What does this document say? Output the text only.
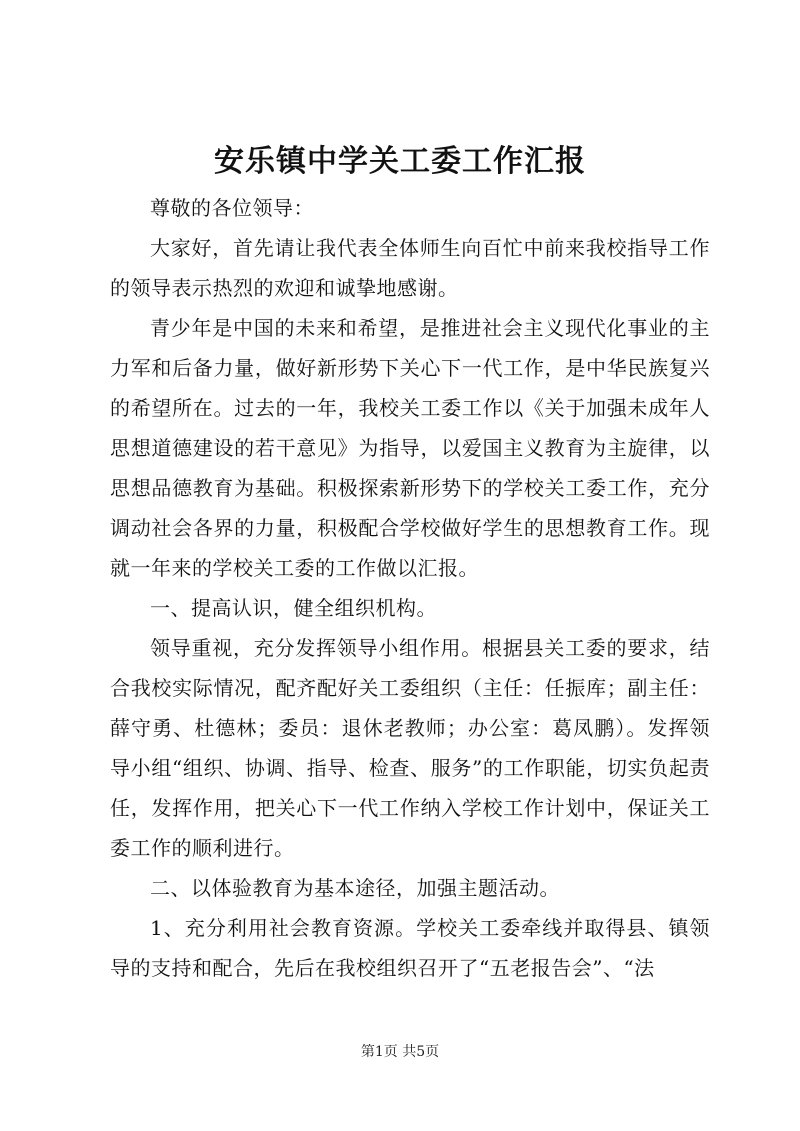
安乐镇中学关工委工作汇报

尊敬的各位领导：

大家好，首先请让我代表全体师生向百忙中前来我校指导工作的领导表示热烈的欢迎和诚挚地感谢。

青少年是中国的未来和希望，是推进社会主义现代化事业的主力军和后备力量，做好新形势下关心下一代工作，是中华民族复兴的希望所在。过去的一年，我校关工委工作以《关于加强未成年人思想道德建设的若干意见》为指导，以爱国主义教育为主旋律，以思想品德教育为基础。积极探索新形势下的学校关工委工作，充分调动社会各界的力量，积极配合学校做好学生的思想教育工作。现就一年来的学校关工委的工作做以汇报。

一、提高认识，健全组织机构。

领导重视，充分发挥领导小组作用。根据县关工委的要求，结合我校实际情况，配齐配好关工委组织（主任：任振库；副主任：薛守勇、杜德林；委员：退休老教师；办公室：葛凤鹏）。发挥领导小组“组织、协调、指导、检查、服务”的工作职能，切实负起责任，发挥作用，把关心下一代工作纳入学校工作计划中，保证关工委工作的顺利进行。

二、以体验教育为基本途径，加强主题活动。

1、充分利用社会教育资源。学校关工委牵线并取得县、镇领导的支持和配合，先后在我校组织召开了“五老报告会”、“法

第1页 共5页
